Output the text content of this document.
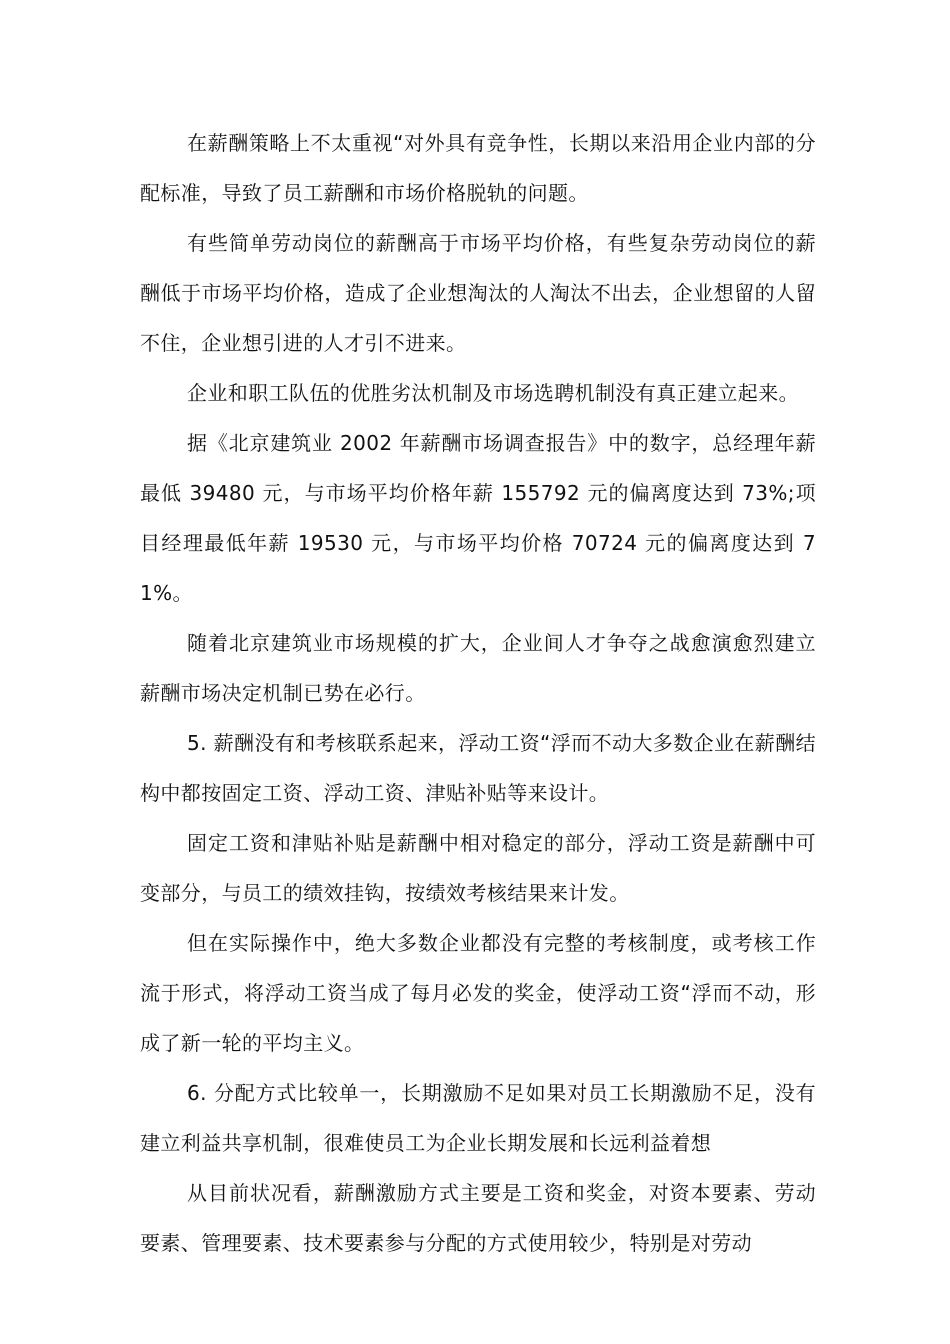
在薪酬策略上不太重视“对外具有竞争性，长期以来沿用企业内部的分配标准，导致了员工薪酬和市场价格脱轨的问题。

有些简单劳动岗位的薪酬高于市场平均价格，有些复杂劳动岗位的薪酬低于市场平均价格，造成了企业想淘汰的人淘汰不出去，企业想留的人留不住，企业想引进的人才引不进来。

企业和职工队伍的优胜劣汰机制及市场选聘机制没有真正建立起来。

据《北京建筑业 2002 年薪酬市场调查报告》中的数字，总经理年薪最低 39480 元，与市场平均价格年薪 155792 元的偏离度达到 73%;项目经理最低年薪 19530 元，与市场平均价格 70724 元的偏离度达到 71%。

随着北京建筑业市场规模的扩大，企业间人才争夺之战愈演愈烈建立薪酬市场决定机制已势在必行。

5. 薪酬没有和考核联系起来，浮动工资“浮而不动大多数企业在薪酬结构中都按固定工资、浮动工资、津贴补贴等来设计。

固定工资和津贴补贴是薪酬中相对稳定的部分，浮动工资是薪酬中可变部分，与员工的绩效挂钩，按绩效考核结果来计发。

但在实际操作中，绝大多数企业都没有完整的考核制度，或考核工作流于形式，将浮动工资当成了每月必发的奖金，使浮动工资“浮而不动，形成了新一轮的平均主义。

6. 分配方式比较单一，长期激励不足如果对员工长期激励不足，没有建立利益共享机制，很难使员工为企业长期发展和长远利益着想

从目前状况看，薪酬激励方式主要是工资和奖金，对资本要素、劳动要素、管理要素、技术要素参与分配的方式使用较少，特别是对劳动
